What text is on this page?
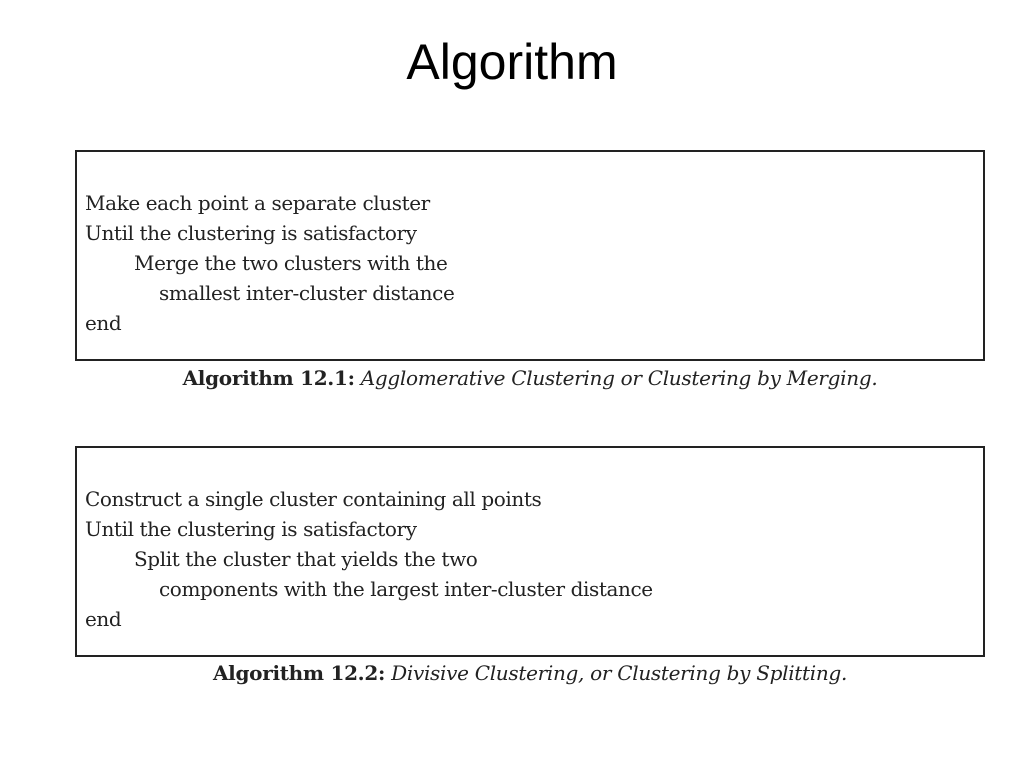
Algorithm
Make each point a separate cluster
Until the clustering is satisfactory
Merge the two clusters with the
smallest inter-cluster distance
end
Algorithm 12.1: Agglomerative Clustering or Clustering by Merging.
Construct a single cluster containing all points
Until the clustering is satisfactory
Split the cluster that yields the two
components with the largest inter-cluster distance
end
Algorithm 12.2: Divisive Clustering, or Clustering by Splitting.
